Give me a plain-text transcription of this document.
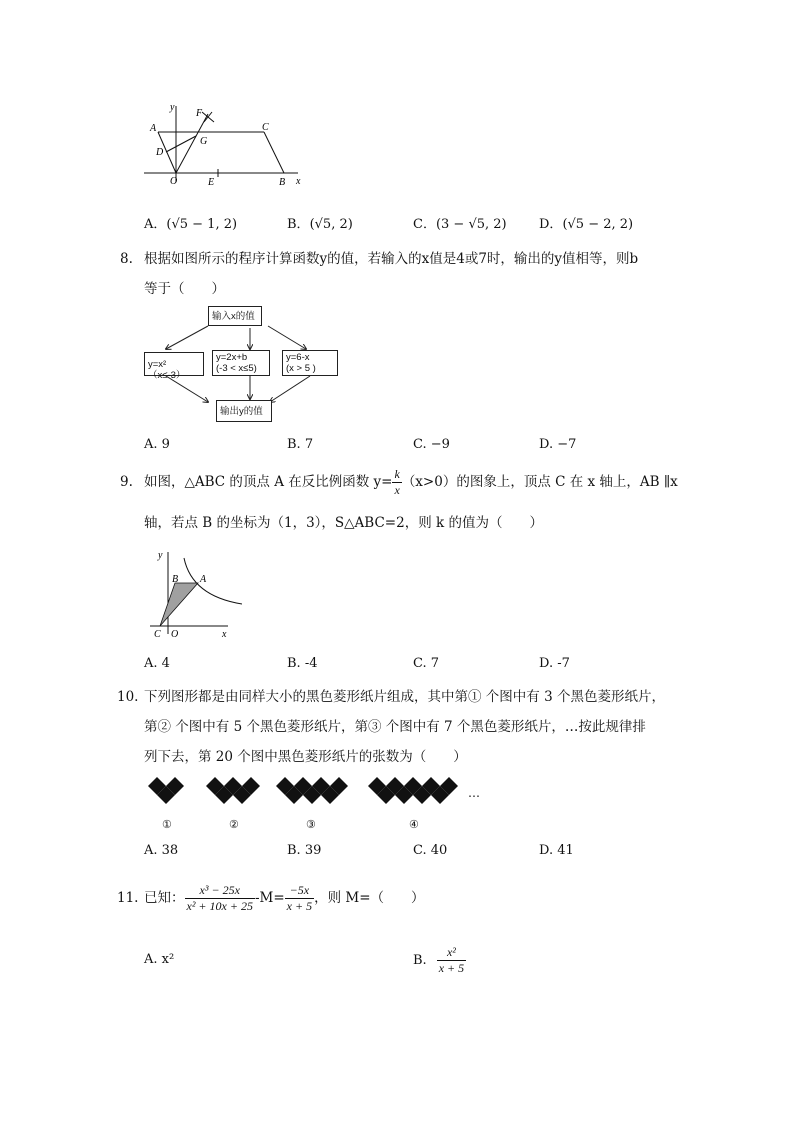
y
F
A	C
D
G
O	E	B x
A．(√5 − 1, 2)	B．(√5, 2)	C．(3 − √5, 2) D．(√5 − 2, 2)
8. 根据如图所示的程序计算函数y的值，若输入的x值是4或7时，输出的y值相等，则b
等于（　　）
输入x的值
y=x² （x≤-3）
y=2x+b
(-3 < x≤5)
y=6-x
(x > 5 )
输出y的值
A. 9	B. 7	C. −9	D. −7
9. 如图，△ABC 的顶点 A 在反比例函数 $y= \frac{k}{x} (x>0)$的图象上，顶点 C 在 x 轴上，AB ∥x
轴，若点 B 的坐标为（1，3），S△ABC=2，则 k 的值为（　　）
y
B A
C O	x
A. 4	B. -4	C. 7	D. -7
10. 下列图形都是由同样大小的黑色菱形纸片组成，其中第① 个图中有 3 个黑色菱形纸片，
第② 个图中有 5 个黑色菱形纸片，第③ 个图中有 7 个黑色菱形纸片，…按此规律排
列下去，第 20 个图中黑色菱形纸片的张数为（　　）
…
①	②	③	④
A. 38	B. 39	C. 40	D. 41
11. 已知： $\frac{\text{x³ − 25x}}{\text{x² + 10x + 25}} -M= \frac{-5x}{x + 5}$ ，则 M=（　　）
A. x²	B. $\frac{\text{x²}}{x + 5}$
